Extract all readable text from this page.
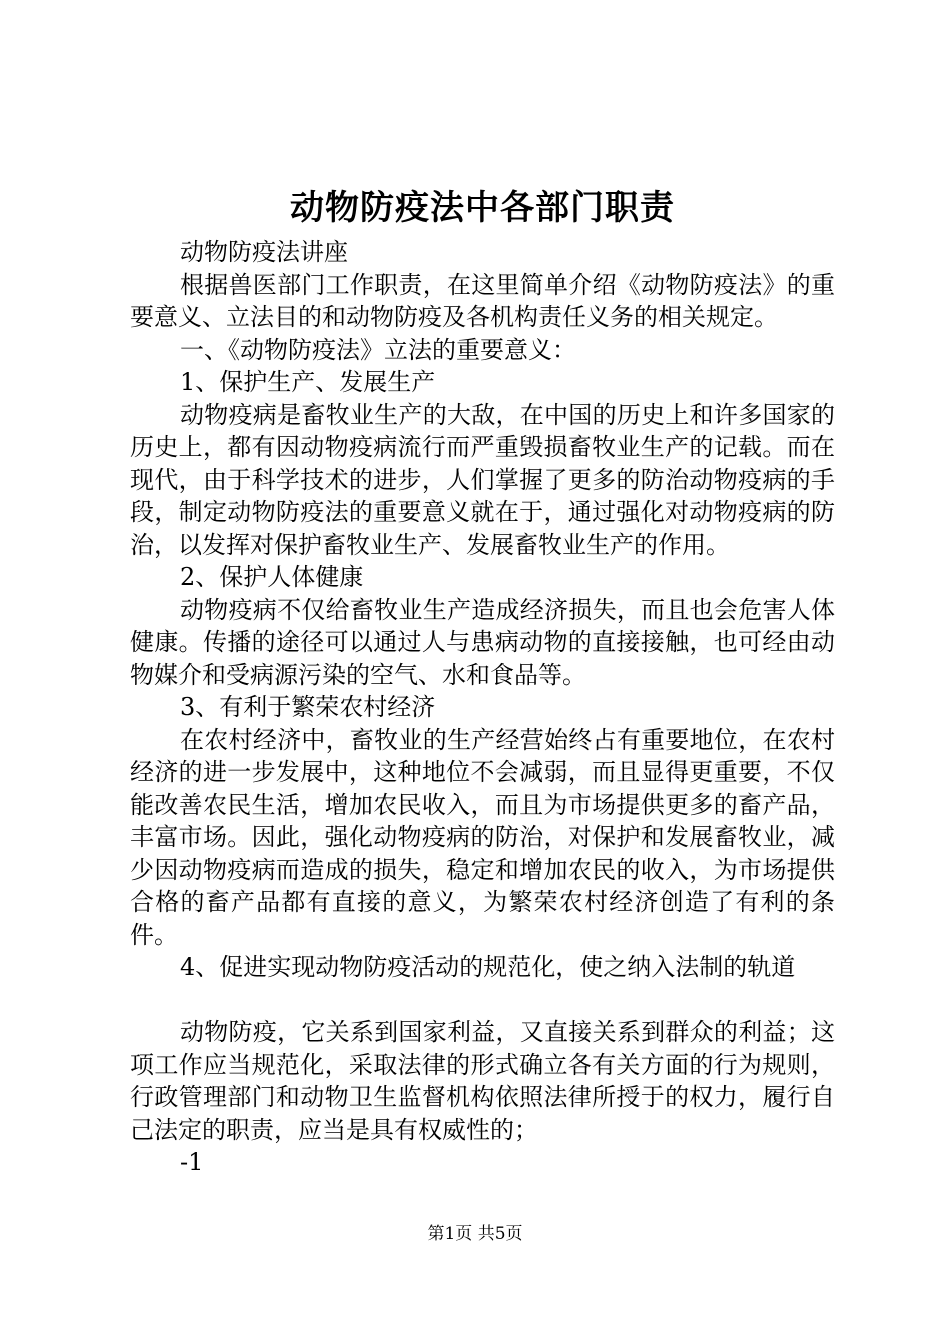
动物防疫法中各部门职责

动物防疫法讲座

根据兽医部门工作职责，在这里简单介绍《动物防疫法》的重要意义、立法目的和动物防疫及各机构责任义务的相关规定。

一、《动物防疫法》立法的重要意义：

1、保护生产、发展生产

动物疫病是畜牧业生产的大敌，在中国的历史上和许多国家的历史上，都有因动物疫病流行而严重毁损畜牧业生产的记载。而在现代，由于科学技术的进步，人们掌握了更多的防治动物疫病的手段，制定动物防疫法的重要意义就在于，通过强化对动物疫病的防治，以发挥对保护畜牧业生产、发展畜牧业生产的作用。

2、保护人体健康

动物疫病不仅给畜牧业生产造成经济损失，而且也会危害人体健康。传播的途径可以通过人与患病动物的直接接触，也可经由动物媒介和受病源污染的空气、水和食品等。

3、有利于繁荣农村经济

在农村经济中，畜牧业的生产经营始终占有重要地位，在农村经济的进一步发展中，这种地位不会减弱，而且显得更重要，不仅能改善农民生活，增加农民收入，而且为市场提供更多的畜产品，丰富市场。因此，强化动物疫病的防治，对保护和发展畜牧业，减少因动物疫病而造成的损失，稳定和增加农民的收入，为市场提供合格的畜产品都有直接的意义，为繁荣农村经济创造了有利的条件。

4、促进实现动物防疫活动的规范化，使之纳入法制的轨道

动物防疫，它关系到国家利益，又直接关系到群众的利益；这项工作应当规范化，采取法律的形式确立各有关方面的行为规则，行政管理部门和动物卫生监督机构依照法律所授于的权力，履行自己法定的职责，应当是具有权威性的；

-1

第1页 共5页
